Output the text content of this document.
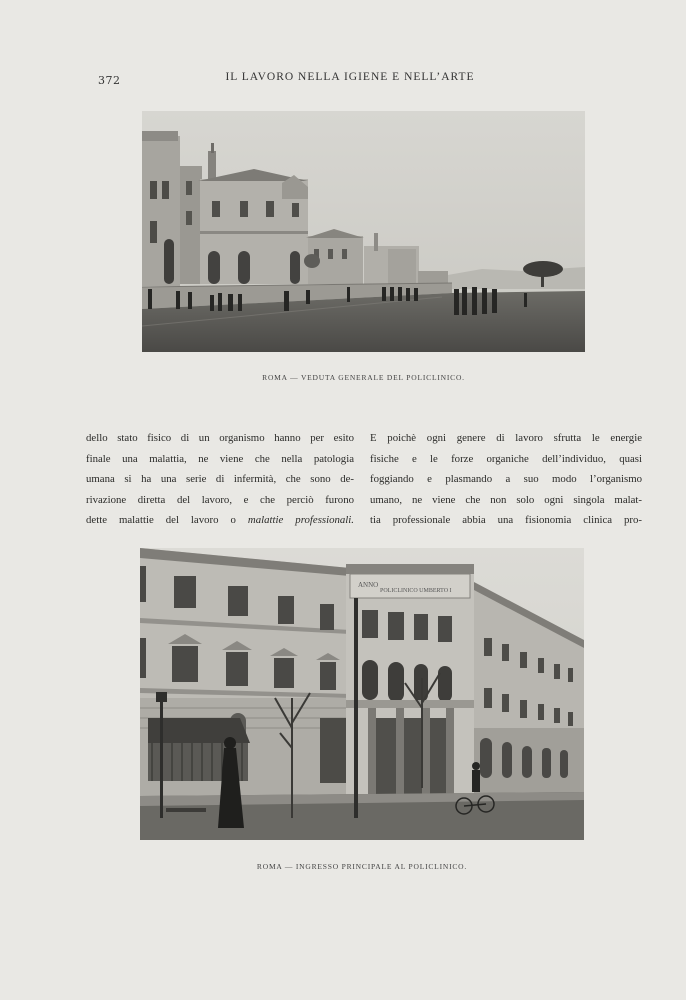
372	IL LAVORO NELLA IGIENE E NELL’ARTE
ROMA — VEDUTA GENERALE DEL POLICLINICO.
dello stato fisico di un organismo hanno per esito
finale una malattia, ne viene che nella patologia
umana si ha una serie di infermità, che sono de-
rivazione diretta del lavoro, e che perciò furono
dette malattie del lavoro o malattie professionali.
E poichè ogni genere di lavoro sfrutta le energie
fisiche e le forze organiche dell’individuo, quasi
foggiando e plasmando a suo modo l’organismo
umano, ne viene che non solo ogni singola malat-
tia professionale abbia una fisionomia clinica pro-
ANNO
POLICLINICO UMBERTO I
ROMA — INGRESSO PRINCIPALE AL POLICLINICO.
